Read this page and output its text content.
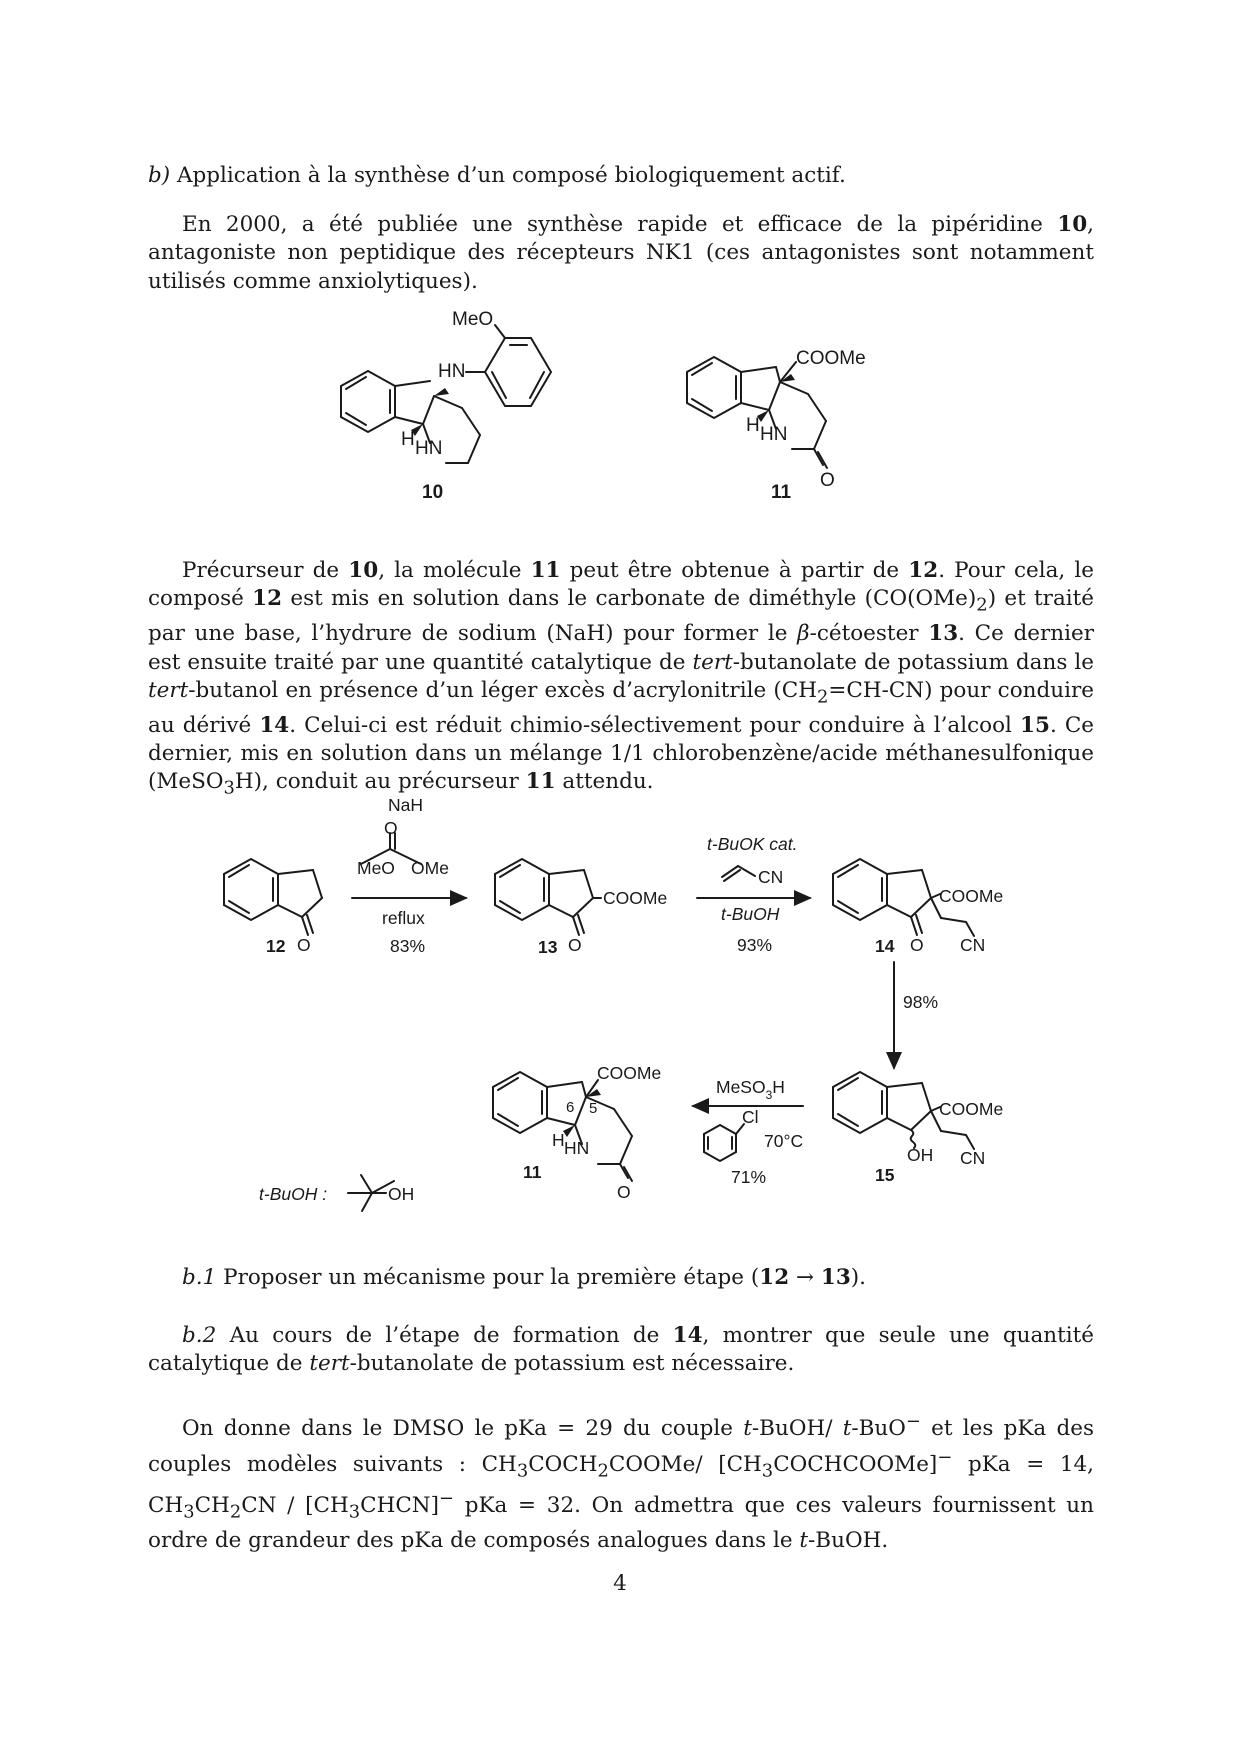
b) Application à la synthèse d’un composé biologiquement actif.

En 2000, a été publiée une synthèse rapide et efficace de la pipéridine 10, antagoniste non peptidique des récepteurs NK1 (ces antagonistes sont notamment utilisés comme anxiolytiques).

MeO
HN
H HN
COOMe
H HN
O
10	11

Précurseur de 10, la molécule 11 peut être obtenue à partir de 12. Pour cela, le composé 12 est mis en solution dans le carbonate de diméthyle $(CO(OMe)_2)$ et traité par une base, l’hydrure de sodium (NaH) pour former le β-cétoester 13. Ce dernier est ensuite traité par une quantité catalytique de tert-butanolate de potassium dans le tert-butanol en présence d’un léger excès d’acrylonitrile $(CH_2=CH-CN)$ pour conduire au dérivé 14. Celui-ci est réduit chimio-sélectivement pour conduire à l’alcool 15. Ce dernier, mis en solution dans un mélange 1/1 chlorobenzène/acide méthanesulfonique (MeSO$_3$H), conduit au précurseur 11 attendu.

NaH
O
MeO OMe
reflux
83%
O	O
COOMe
t-BuOK cat.
CN
t-BuOH
93%
COOMe
O CN
98%
COOMe
OH CN
MeSO$_3$H
Cl
70°C
71%
COOMe
6 5
H HN
O
t-BuOH :	OH
12	13	14
15
11

b.1 Proposer un mécanisme pour la première étape (12 → 13).

b.2 Au cours de l’étape de formation de 14, montrer que seule une quantité catalytique de tert-butanolate de potassium est nécessaire.

On donne dans le DMSO le pKa = 29 du couple t-BuOH/ t-BuO− et les pKa des couples modèles suivants : $CH_3COCH_2COOMe/$ $[CH_3COCHCOOMe]^-$ pKa = 14, $CH_3CH_2CN$ / $[CH_3CHCN]^-$ pKa = 32. On admettra que ces valeurs fournissent un ordre de grandeur des pKa de composés analogues dans le t-BuOH.

4
